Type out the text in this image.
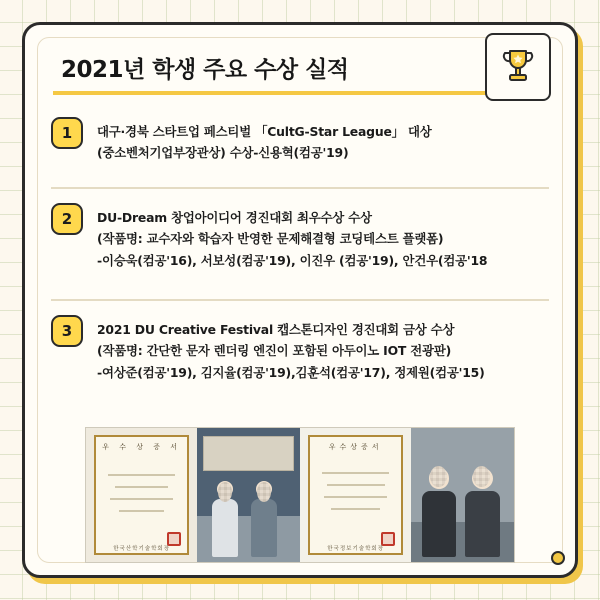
2021년 학생 주요 수상 실적
1	대구·경북 스타트업 페스티벌 「CultG-Star League」 대상
(중소벤처기업부장관상) 수상-신용혁(컴공'19)
2	DU-Dream 창업아이디어 경진대회 최우수상 수상
(작품명: 교수자와 학습자 반영한 문제해결형 코딩테스트 플랫폼)
-이승욱(컴공'16), 서보성(컴공'19), 이진우 (컴공'19), 안건우(컴공'18
3	2021 DU Creative Festival 캡스톤디자인 경진대회 금상 수상
(작품명: 간단한 문자 렌더링 엔진이 포함된 아두이노 IOT 전광판)
-여상준(컴공'19), 김지율(컴공'19),김훈석(컴공'17), 정제원(컴공'15)
우 수 상 증 서
한국산학기술학회장
우수상증서
한국정보기술학회장
